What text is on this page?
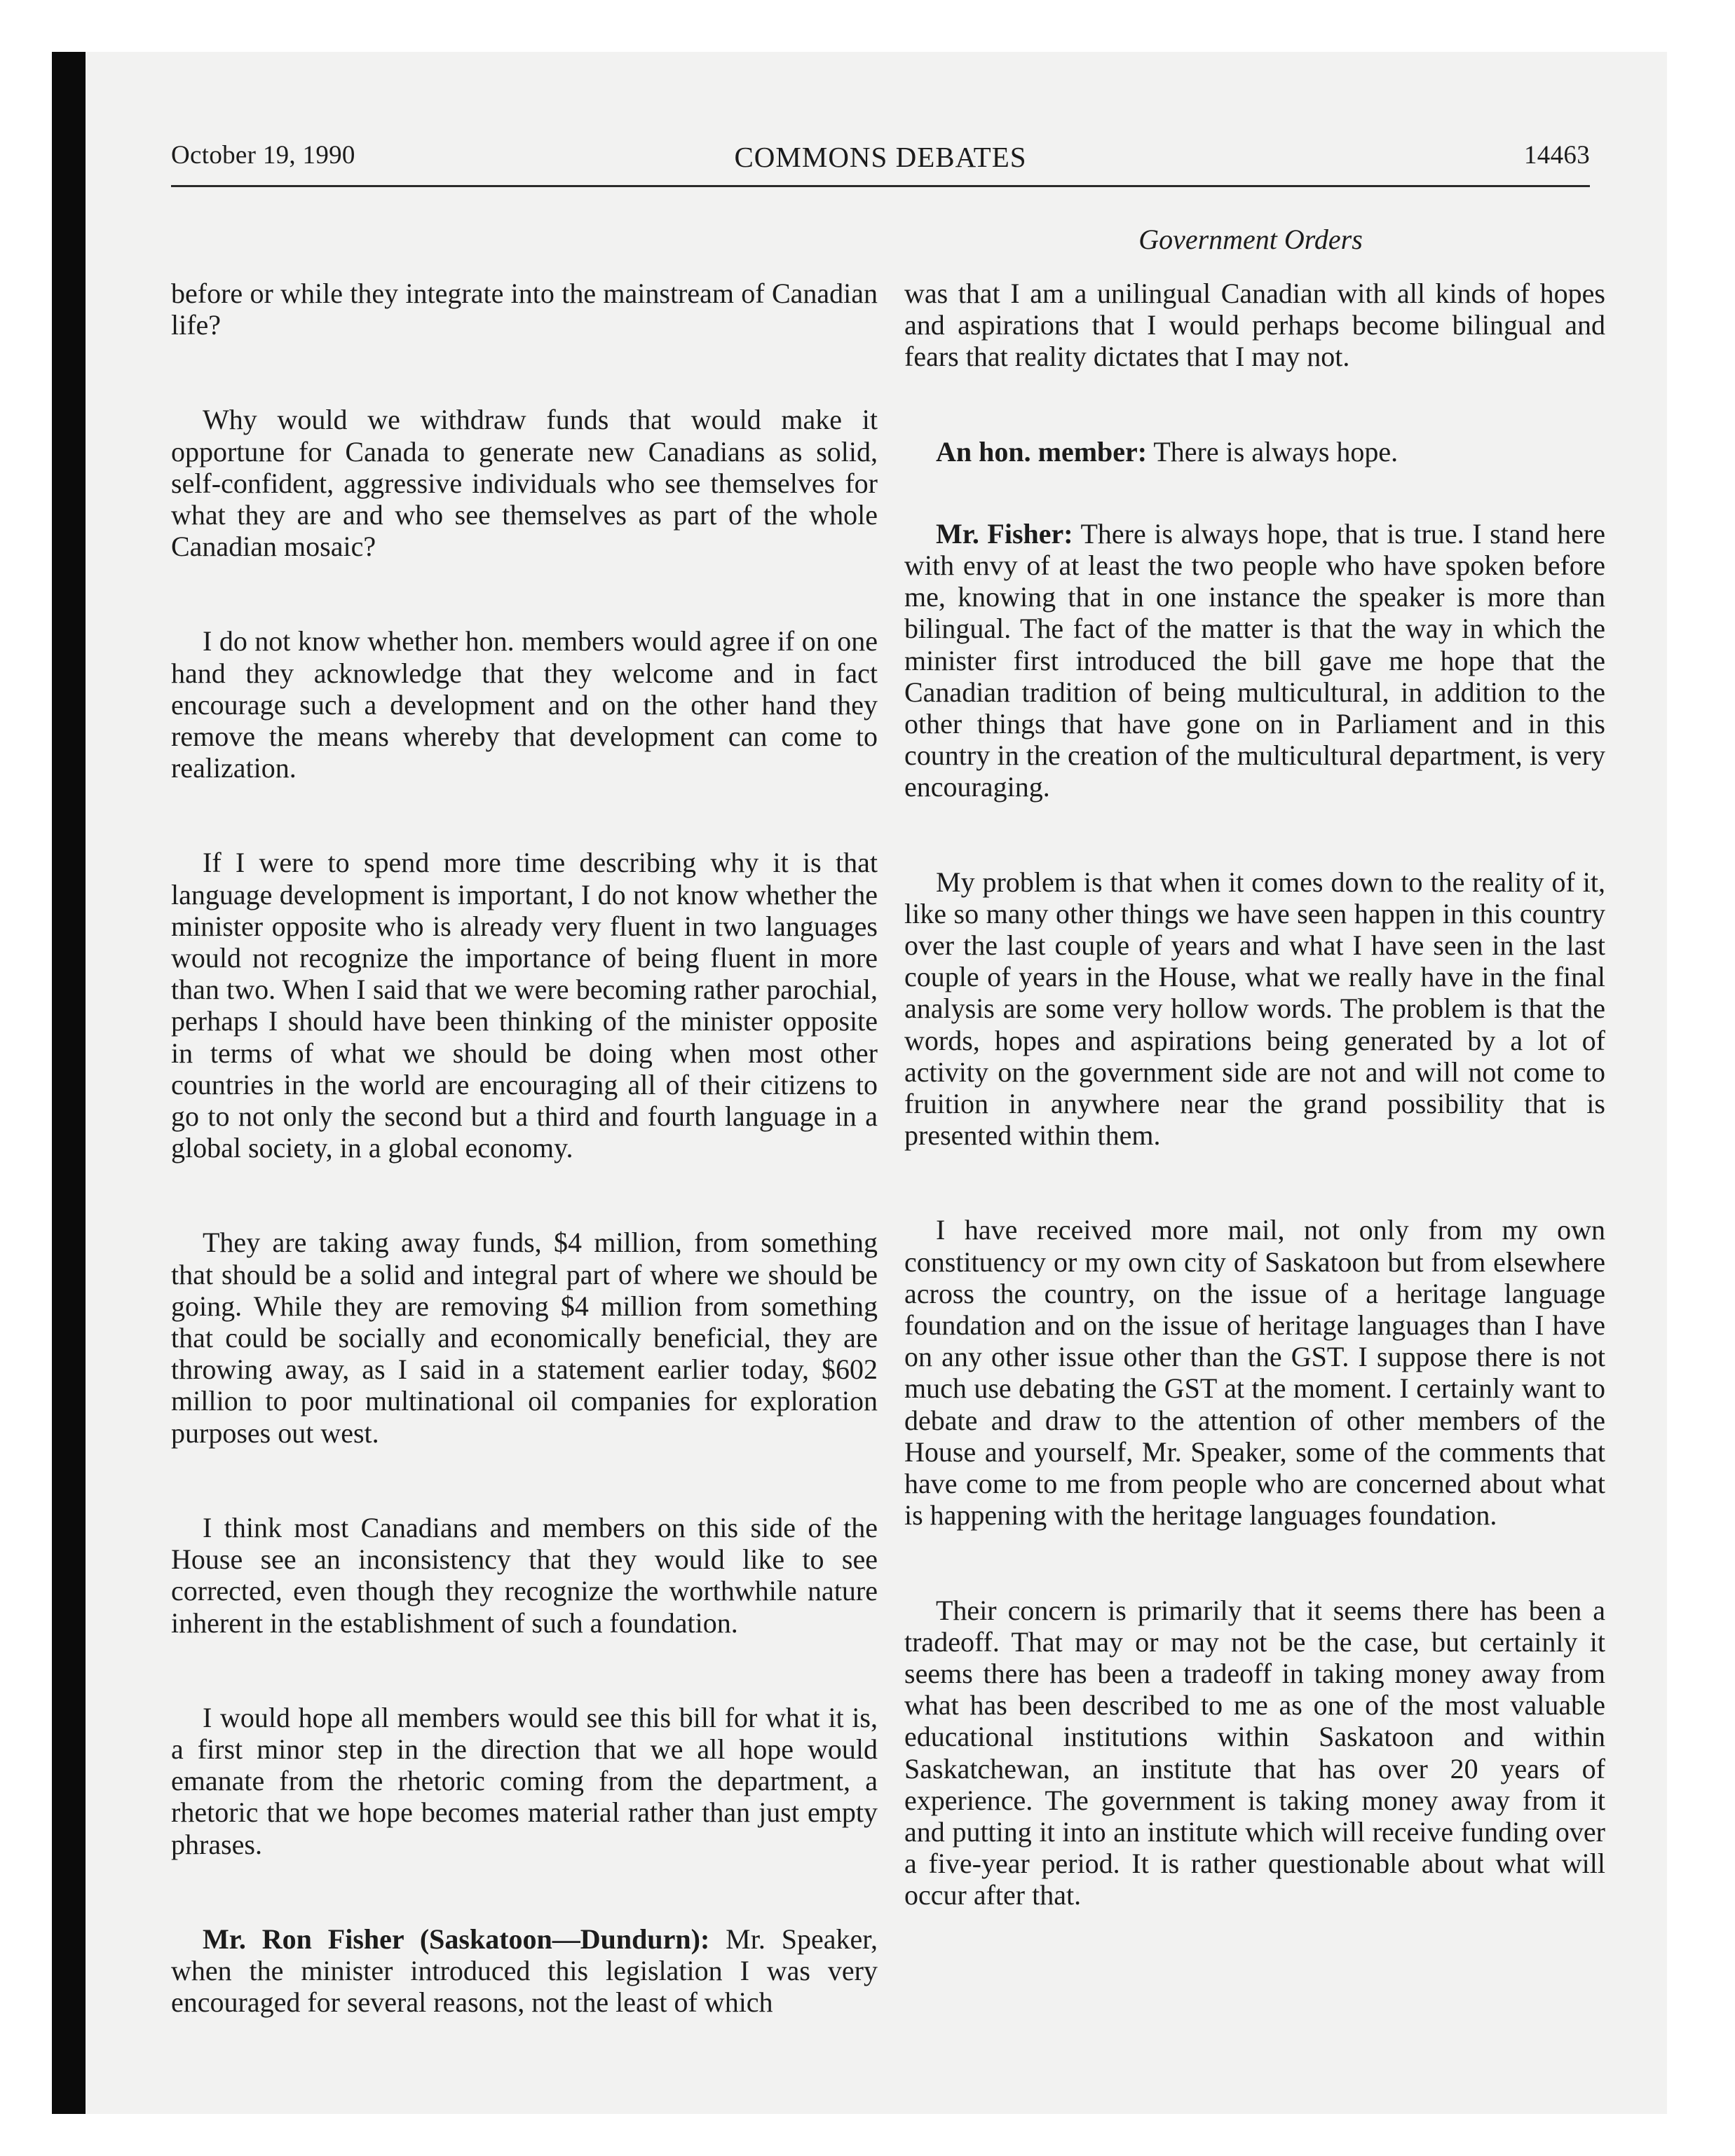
October 19, 1990	COMMONS DEBATES	14463
Government Orders

before or while they integrate into the mainstream of Canadian life?

Why would we withdraw funds that would make it opportune for Canada to generate new Canadians as solid, self-confident, aggressive individuals who see themselves for what they are and who see themselves as part of the whole Canadian mosaic?

I do not know whether hon. members would agree if on one hand they acknowledge that they welcome and in fact encourage such a development and on the other hand they remove the means whereby that development can come to realization.

If I were to spend more time describing why it is that language development is important, I do not know whether the minister opposite who is already very fluent in two languages would not recognize the importance of being fluent in more than two. When I said that we were becoming rather parochial, perhaps I should have been thinking of the minister opposite in terms of what we should be doing when most other countries in the world are encouraging all of their citizens to go to not only the second but a third and fourth language in a global society, in a global economy.

They are taking away funds, $4 million, from something that should be a solid and integral part of where we should be going. While they are removing $4 million from something that could be socially and economically beneficial, they are throwing away, as I said in a statement earlier today, $602 million to poor multinational oil companies for exploration purposes out west.

I think most Canadians and members on this side of the House see an inconsistency that they would like to see corrected, even though they recognize the worthwhile nature inherent in the establishment of such a foundation.

I would hope all members would see this bill for what it is, a first minor step in the direction that we all hope would emanate from the rhetoric coming from the department, a rhetoric that we hope becomes material rather than just empty phrases.

Mr. Ron Fisher (Saskatoon—Dundurn): Mr. Speaker, when the minister introduced this legislation I was very encouraged for several reasons, not the least of which

was that I am a unilingual Canadian with all kinds of hopes and aspirations that I would perhaps become bilingual and fears that reality dictates that I may not.

An hon. member: There is always hope.

Mr. Fisher: There is always hope, that is true. I stand here with envy of at least the two people who have spoken before me, knowing that in one instance the speaker is more than bilingual. The fact of the matter is that the way in which the minister first introduced the bill gave me hope that the Canadian tradition of being multicultural, in addition to the other things that have gone on in Parliament and in this country in the creation of the multicultural department, is very encouraging.

My problem is that when it comes down to the reality of it, like so many other things we have seen happen in this country over the last couple of years and what I have seen in the last couple of years in the House, what we really have in the final analysis are some very hollow words. The problem is that the words, hopes and aspirations being generated by a lot of activity on the government side are not and will not come to fruition in anywhere near the grand possibility that is presented within them.

I have received more mail, not only from my own constituency or my own city of Saskatoon but from elsewhere across the country, on the issue of a heritage language foundation and on the issue of heritage languages than I have on any other issue other than the GST. I suppose there is not much use debating the GST at the moment. I certainly want to debate and draw to the attention of other members of the House and yourself, Mr. Speaker, some of the comments that have come to me from people who are concerned about what is happening with the heritage languages foundation.

Their concern is primarily that it seems there has been a tradeoff. That may or may not be the case, but certainly it seems there has been a tradeoff in taking money away from what has been described to me as one of the most valuable educational institutions within Saskatoon and within Saskatchewan, an institute that has over 20 years of experience. The government is taking money away from it and putting it into an institute which will receive funding over a five-year period. It is rather questionable about what will occur after that.
